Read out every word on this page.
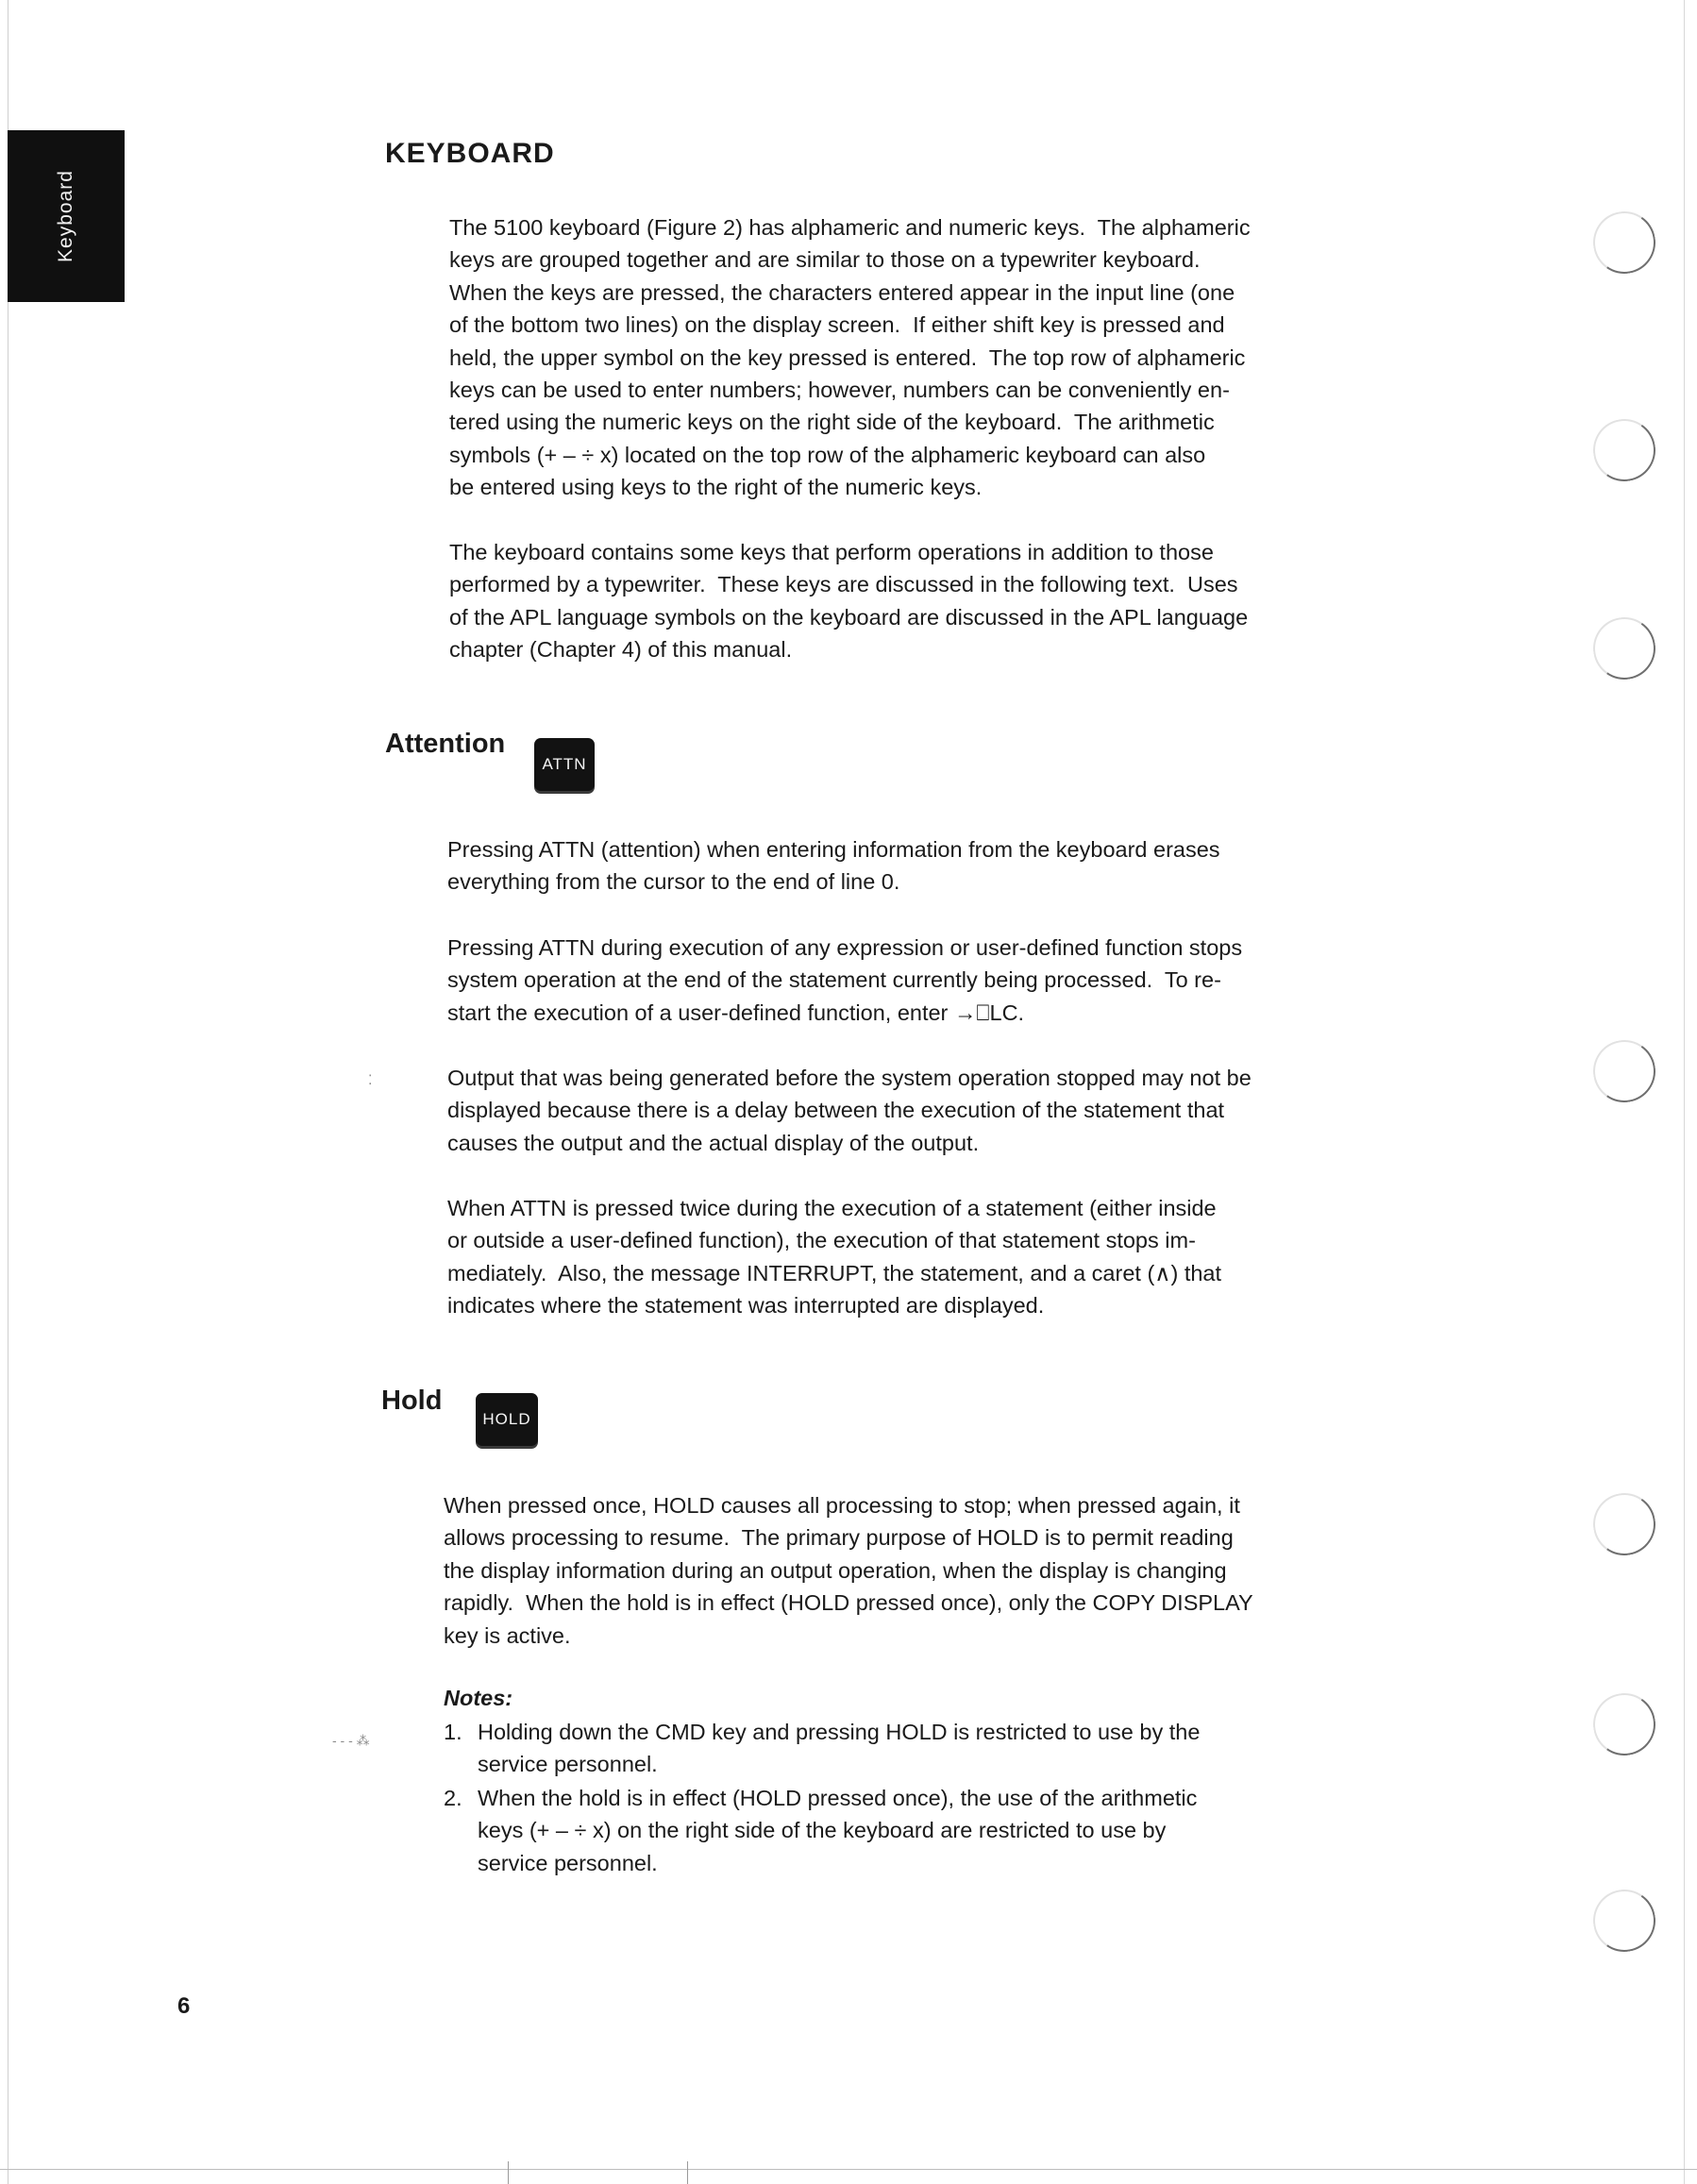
Keyboard
KEYBOARD

The 5100 keyboard (Figure 2) has alphameric and numeric keys.  The alphameric
keys are grouped together and are similar to those on a typewriter keyboard.
When the keys are pressed, the characters entered appear in the input line (one
of the bottom two lines) on the display screen.  If either shift key is pressed and
held, the upper symbol on the key pressed is entered.  The top row of alphameric
keys can be used to enter numbers; however, numbers can be conveniently en-
tered using the numeric keys on the right side of the keyboard.  The arithmetic
symbols (+ – ÷ x) located on the top row of the alphameric keyboard can also
be entered using keys to the right of the numeric keys.

The keyboard contains some keys that perform operations in addition to those
performed by a typewriter.  These keys are discussed in the following text.  Uses
of the APL language symbols on the keyboard are discussed in the APL language
chapter (Chapter 4) of this manual.

Attention
ATTN

Pressing ATTN (attention) when entering information from the keyboard erases
everything from the cursor to the end of line 0.

Pressing ATTN during execution of any expression or user-defined function stops
system operation at the end of the statement currently being processed.  To re-
start the execution of a user-defined function, enter →⎕LC.

Output that was being generated before the system operation stopped may not be
displayed because there is a delay between the execution of the statement that
causes the output and the actual display of the output.

When ATTN is pressed twice during the execution of a statement (either inside
or outside a user-defined function), the execution of that statement stops im-
mediately.  Also, the message INTERRUPT, the statement, and a caret (∧) that
indicates where the statement was interrupted are displayed.

Hold
HOLD

When pressed once, HOLD causes all processing to stop; when pressed again, it
allows processing to resume.  The primary purpose of HOLD is to permit reading
the display information during an output operation, when the display is changing
rapidly.  When the hold is in effect (HOLD pressed once), only the COPY DISPLAY
key is active.

Notes:
1. Holding down the CMD key and pressing HOLD is restricted to use by the
service personnel.
2. When the hold is in effect (HOLD pressed once), the use of the arithmetic
keys (+ – ÷ x) on the right side of the keyboard are restricted to use by
service personnel.
- - - ⁂
⁚
6
